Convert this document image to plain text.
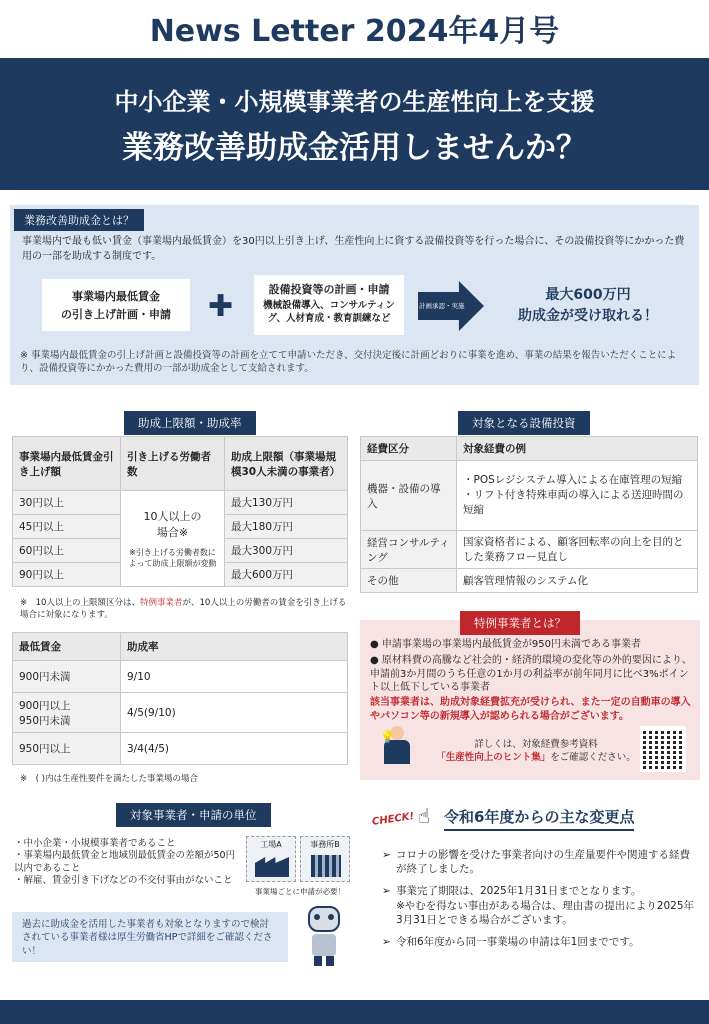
News Letter 2024年4月号
中小企業・小規模事業者の生産性向上を支援
業務改善助成金活用しませんか？
業務改善助成金とは？
事業場内で最も低い賃金（事業場内最低賃金）を30円以上引き上げ、生産性向上に資する設備投資等を行った場合に、その設備投資等にかかった費用の一部を助成する制度です。
事業場内最低賃金
の引き上げ計画・申請	✚	設備投資等の計画・申請
機械設備導入、コンサルティング、人材育成・教育訓練など
計画承認・実施
最大600万円
助成金が受け取れる！
※ 事業場内最低賃金の引上げ計画と設備投資等の計画を立てて申請いただき、交付決定後に計画どおりに事業を進め、事業の結果を報告いただくことにより、設備投資等にかかった費用の一部が助成金として支給されます。
助成上限額・助成率
事業場内最低賃金引き上げ額	引き上げる労働者数	助成上限額（事業場規模30人未満の事業者）
30円以上	10人以上の
場合※
※引き上げる労働者数によって助成上限額が変動	最大130万円
45円以上		最大180万円
60円以上		最大300万円
90円以上		最大600万円
※　10人以上の上限額区分は、特例事業者が、10人以上の労働者の賃金を引き上げる場合に対象になります。
最低賃金	助成率
900円未満	9/10
900円以上
950円未満	4/5(9/10)
950円以上	3/4(4/5)
※　( )内は生産性要件を満たした事業場の場合
対象となる設備投資
経費区分	対象経費の例
機器・設備の導入	・POSレジシステム導入による在庫管理の短縮
・リフト付き特殊車両の導入による送迎時間の短縮
経営コンサルティング	国家資格者による、顧客回転率の向上を目的とした業務フロー見直し
その他	顧客管理情報のシステム化
特例事業者とは？
● 申請事業場の事業場内最低賃金が950円未満である事業者
● 原材料費の高騰など社会的・経済的環境の変化等の外的要因により、申請前3か月間のうち任意の1か月の利益率が前年同月に比べ3%ポイント以上低下している事業者
該当事業者は、助成対象経費拡充が受けられ、また一定の自動車の導入やパソコン等の新規導入が認められる場合がございます。
💡
詳しくは、対象経費参考資料
「生産性向上のヒント集」をご確認ください。
対象事業者・申請の単位
・中小企業・小規模事業者であること
・事業場内最低賃金と地域別最低賃金の差額が50円以内であること
・解雇、賃金引き下げなどの不交付事由がないこと
工場A	事務所B
事業場ごとに申請が必要！
過去に助成金を活用した事業者も対象となりますので検討されている事業者様は厚生労働省HPで詳細をご確認ください！
CHECK! ☝ 令和6年度からの主な変更点
➢ コロナの影響を受けた事業者向けの生産量要件や関連する経費が終了しました。
➢ 事業完了期限は、2025年1月31日までとなります。
※やむを得ない事由がある場合は、理由書の提出により2025年3月31日とできる場合がございます。
➢ 令和6年度から同一事業場の申請は年1回までです。
